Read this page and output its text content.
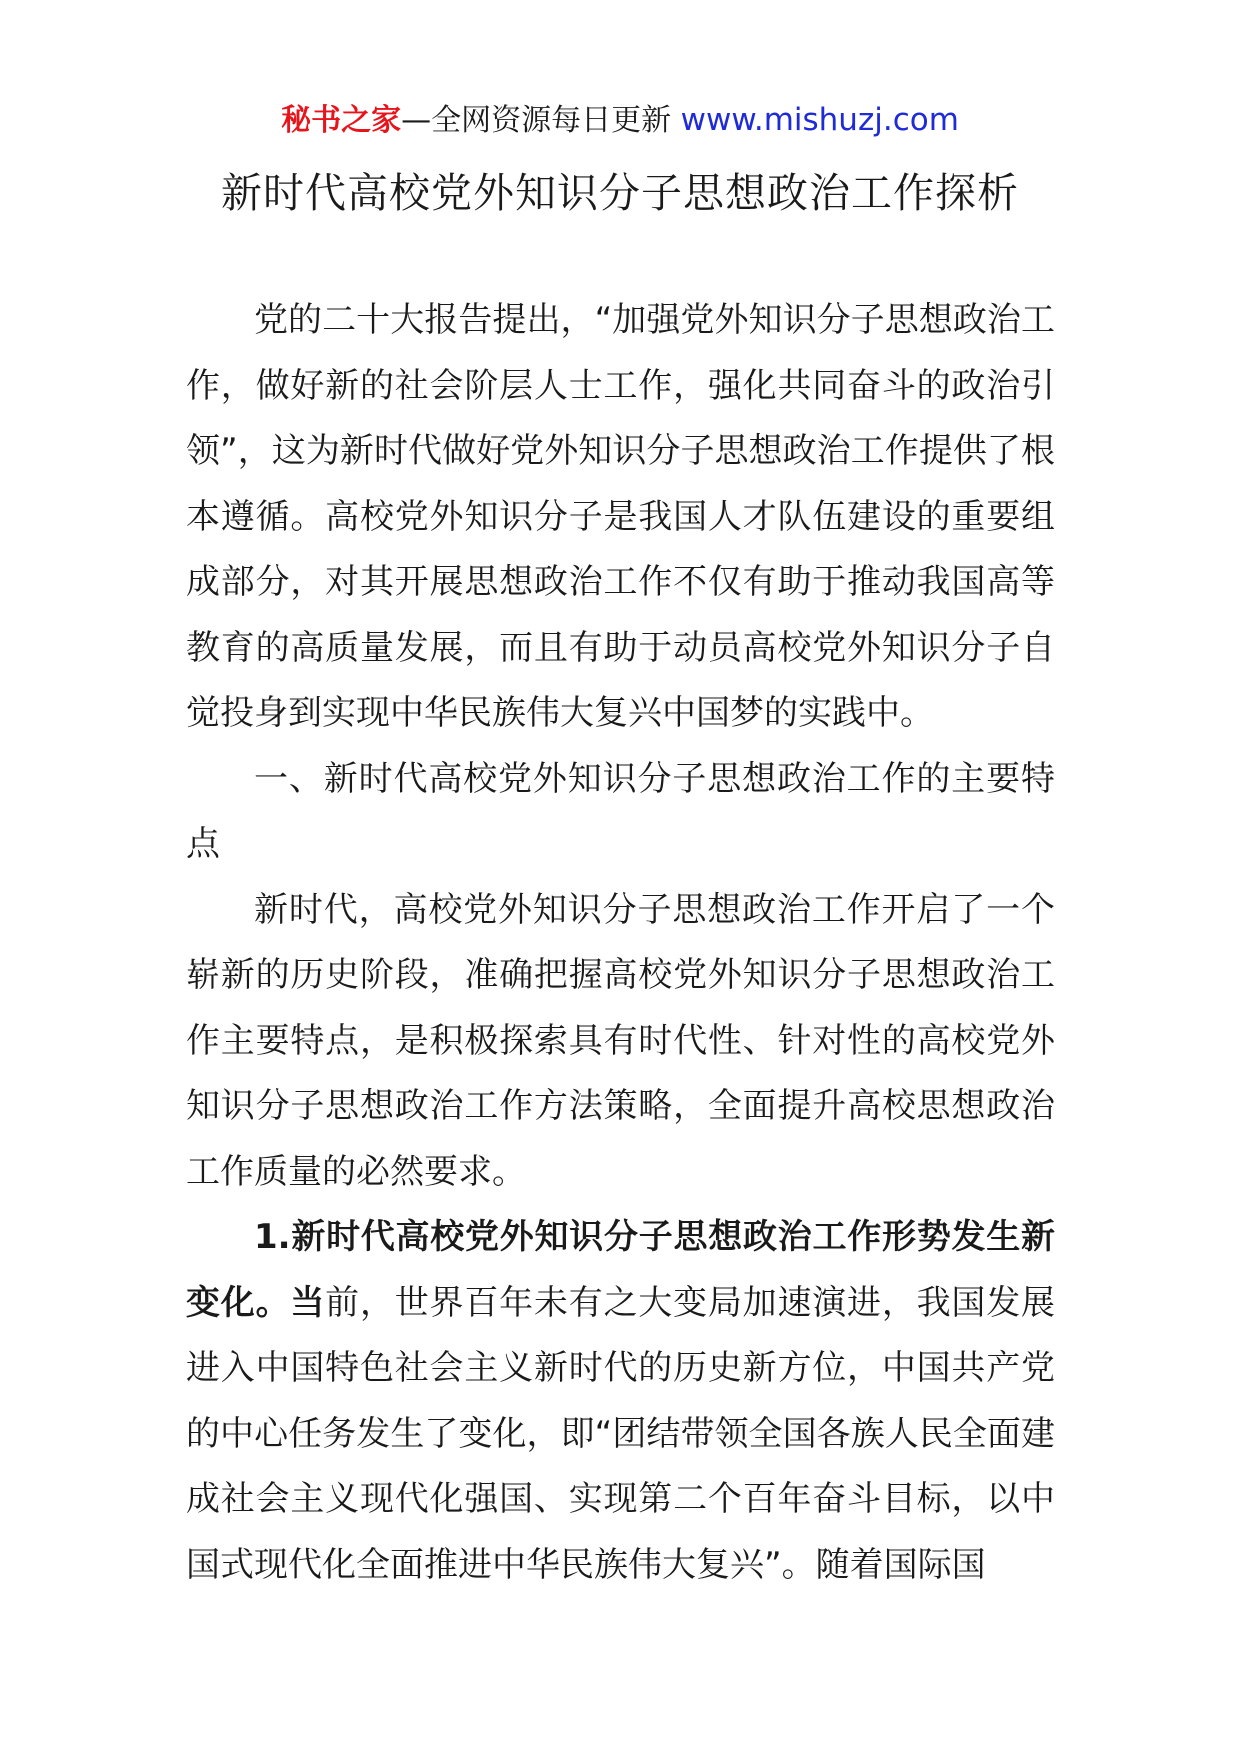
秘书之家—全网资源每日更新 www.mishuzj.com
新时代高校党外知识分子思想政治工作探析

党的二十大报告提出，“加强党外知识分子思想政治工作，做好新的社会阶层人士工作，强化共同奋斗的政治引领”，这为新时代做好党外知识分子思想政治工作提供了根本遵循。高校党外知识分子是我国人才队伍建设的重要组成部分，对其开展思想政治工作不仅有助于推动我国高等教育的高质量发展，而且有助于动员高校党外知识分子自觉投身到实现中华民族伟大复兴中国梦的实践中。

一、新时代高校党外知识分子思想政治工作的主要特点

新时代，高校党外知识分子思想政治工作开启了一个崭新的历史阶段，准确把握高校党外知识分子思想政治工作主要特点，是积极探索具有时代性、针对性的高校党外知识分子思想政治工作方法策略，全面提升高校思想政治工作质量的必然要求。

1.新时代高校党外知识分子思想政治工作形势发生新变化。当前，世界百年未有之大变局加速演进，我国发展进入中国特色社会主义新时代的历史新方位，中国共产党的中心任务发生了变化，即“团结带领全国各族人民全面建成社会主义现代化强国、实现第二个百年奋斗目标，以中国式现代化全面推进中华民族伟大复兴”。随着国际国
